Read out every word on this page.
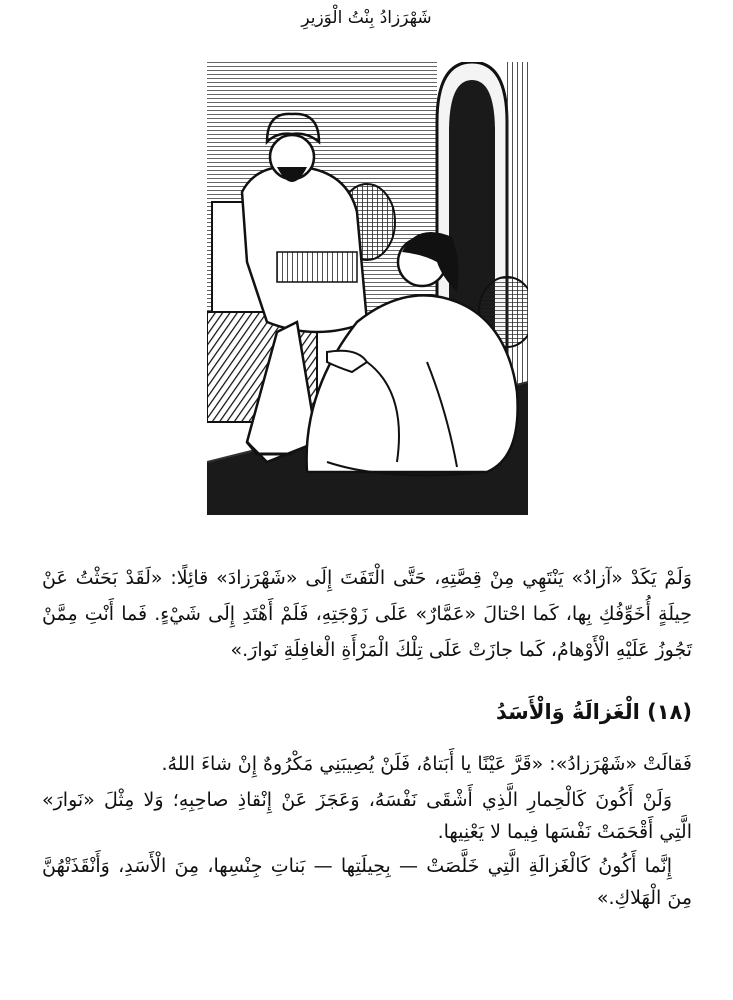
شَهْرَزادُ بِنْتُ الْوَزيرِ

وَلَمْ يَكَدْ «آزادُ» يَنْتَهِي مِنْ قِصَّتِهِ، حَتَّى الْتَفَتَ إِلَى «شَهْرَزادَ» قائِلًا: «لَقَدْ بَحَثْتُ عَنْ حِيلَةٍ أُخَوِّفُكِ بِها، كَما احْتالَ «عَمَّارٌ» عَلَى زَوْجَتِهِ، فَلَمْ أَهْتَدِ إِلَى شَيْءٍ. فَما أَنْتِ مِمَّنْ تَجُوزُ عَلَيْهِ الْأَوْهامُ، كَما جازَتْ عَلَى تِلْكَ الْمَرْأَةِ الْغافِلَةِ نَوارَ.»

(١٨) الْغَزالَةُ وَالْأَسَدُ

فَقالَتْ «شَهْرَزادُ»: «قَرَّ عَيْنًا يا أَبَتاهُ، فَلَنْ يُصِيبَنِي مَكْرُوهٌ إِنْ شاءَ اللهُ.

وَلَنْ أَكُونَ كَالْحِمارِ الَّذِي أَشْقَى نَفْسَهُ، وَعَجَزَ عَنْ إِنْقاذِ صاحِبِهِ؛ وَلا مِثْلَ «نَوارَ» الَّتِي أَقْحَمَتْ نَفْسَها فِيما لا يَعْنِيها.

إِنَّما أَكُونُ كَالْغَزالَةِ الَّتِي خَلَّصَتْ — بِحِيلَتِها — بَناتِ جِنْسِها، مِنَ الْأَسَدِ، وَأَنْقَذَتْهُنَّ مِنَ الْهَلاكِ.»
